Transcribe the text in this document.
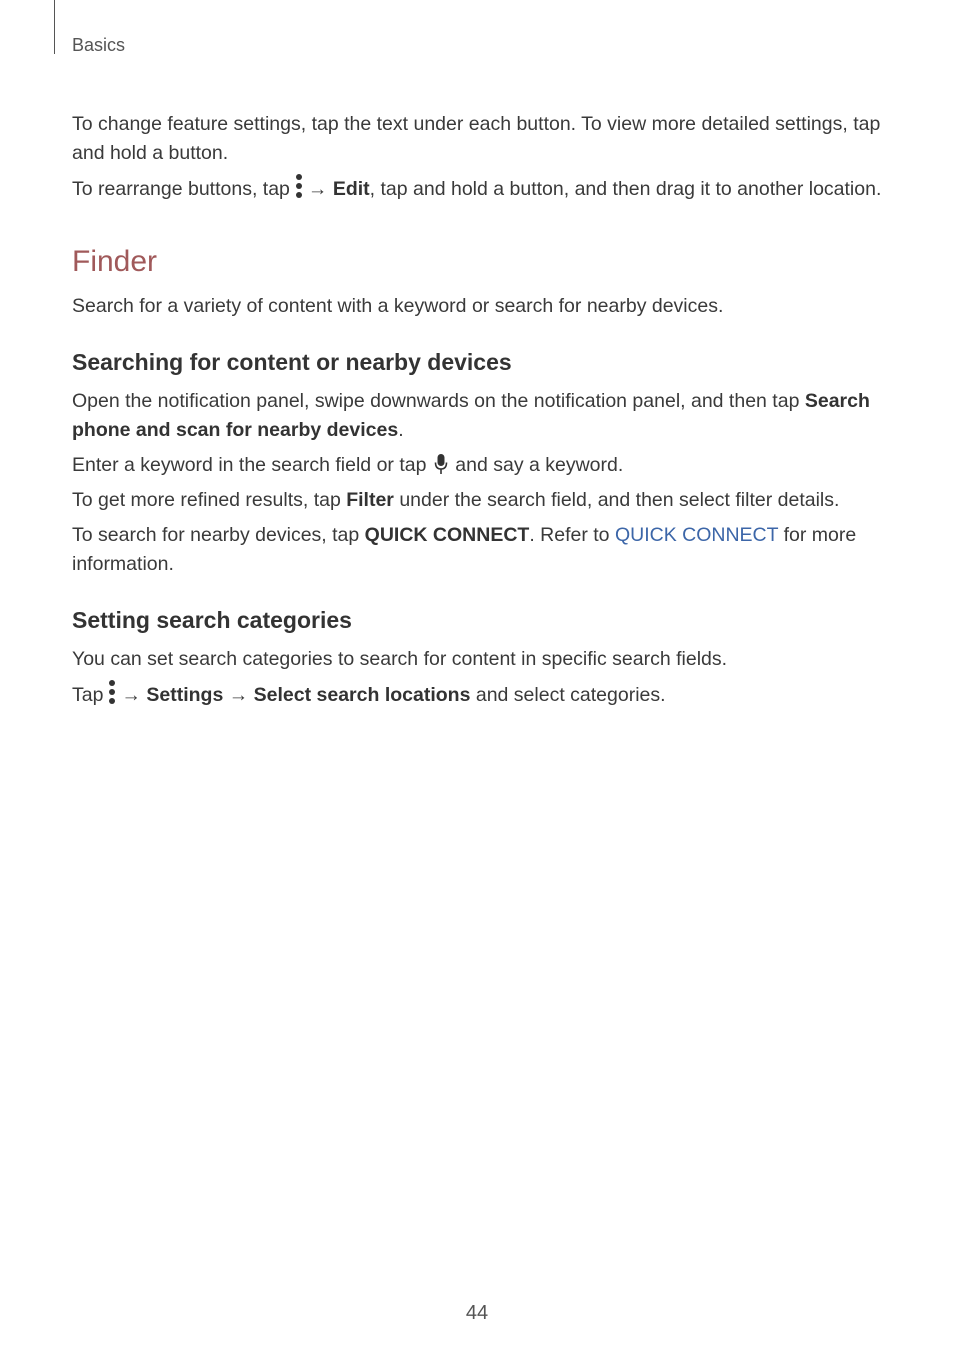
Basics

To change feature settings, tap the text under each button. To view more detailed settings, tap and hold a button.

To rearrange buttons, tap → Edit, tap and hold a button, and then drag it to another location.

Finder

Search for a variety of content with a keyword or search for nearby devices.

Searching for content or nearby devices

Open the notification panel, swipe downwards on the notification panel, and then tap Search phone and scan for nearby devices.

Enter a keyword in the search field or tap  and say a keyword.

To get more refined results, tap Filter under the search field, and then select filter details.

To search for nearby devices, tap QUICK CONNECT. Refer to QUICK CONNECT for more information.

Setting search categories

You can set search categories to search for content in specific search fields.

Tap → Settings → Select search locations and select categories.

44
